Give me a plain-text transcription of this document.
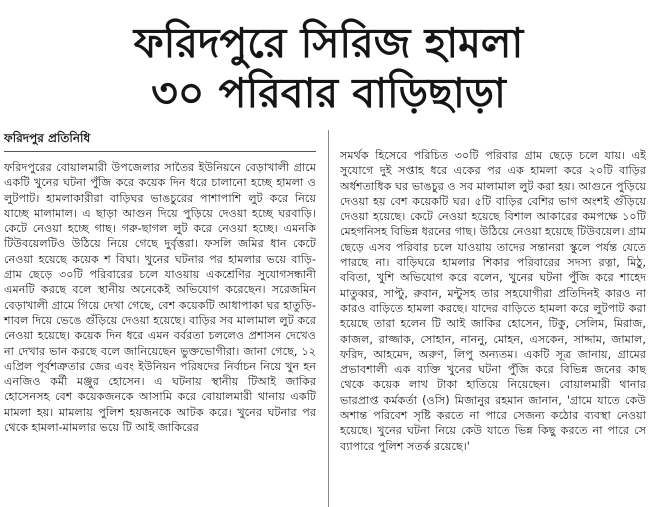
ফরিদপুরে সিরিজ হামলা
৩০ পরিবার বাড়িছাড়া
ফরিদপুর প্রতিনিধি

ফরিদপুরের বোয়ালমারী উপজেলার সাতৈর ইউনিয়নে বেড়াখালী গ্রামে একটি খুনের ঘটনা পুঁজি করে কয়েক দিন ধরে চালানো হচ্ছে হামলা ও লুটপাট। হামলাকারীরা বাড়িঘর ভাঙচুরের পাশাপাশি লুট করে নিয়ে যাচ্ছে মালামাল। এ ছাড়া আগুন দিয়ে পুড়িয়ে দেওয়া হচ্ছে ঘরবাড়ি। কেটে নেওয়া হচ্ছে গাছ। গরু-ছাগল লুট করে নেওয়া হচ্ছে। এমনকি টিউবয়েলটিও উঠিয়ে নিয়ে গেছে দুর্বৃত্তরা। ফসলি জমির ধান কেটে নেওয়া হয়েছে কয়েক শ বিঘা। খুনের ঘটনার পর হামলার ভয়ে বাড়ি-গ্রাম ছেড়ে ৩০টি পরিবারের চলে যাওয়ায় একশ্রেণির সুযোগসন্ধানী এমনটি করছে বলে স্থানীয় অনেকেই অভিযোগ করেছেন। সরেজমিন বেড়াখালী গ্রামে গিয়ে দেখা গেছে, বেশ কয়েকটি আধাপাকা ঘর হাতুড়ি-শাবল দিয়ে ভেঙে গুঁড়িয়ে দেওয়া হয়েছে। বাড়ির সব মালামাল লুট করে নেওয়া হয়েছে। কয়েক দিন ধরে এমন বর্বরতা চললেও প্রশাসন দেখেও না দেখার ভান করছে বলে জানিয়েছেন ভুক্তভোগীরা। জানা গেছে, ১২ এপ্রিল পূর্বশত্রুতার জের এবং ইউনিয়ন পরিষদের নির্বাচন নিয়ে খুন হন এনজিও কর্মী মঞ্জুর হোসেন। এ ঘটনায় স্থানীয় টিআই জাকির হোসেনসহ বেশ কয়েকজনকে আসামি করে বোয়ালমারী থানায় একটি মামলা হয়। মামলায় পুলিশ হয়জনকে আটক করে। খুনের ঘটনার পর থেকে হামলা-মামলার ভয়ে টি আই জাকিরের

সমর্থক হিসেবে পরিচিত ৩০টি পরিবার গ্রাম ছেড়ে চলে যায়। এই সুযোগে দুই সপ্তাহ ধরে একের পর এক হামলা করে ২০টি বাড়ির অর্ধশতাধিক ঘর ভাঙচুর ও সব মালামাল লুট করা হয়। আগুনে পুড়িয়ে দেওয়া হয় বেশ কয়েকটি ঘর। ৫টি বাড়ির বেশির ভাগ অংশই গুঁড়িয়ে দেওয়া হয়েছে। কেটে নেওয়া হয়েছে বিশাল আকারের কমপক্ষে ১০টি মেহগনিসহ বিভিন্ন ধরনের গাছ। উঠিয়ে নেওয়া হয়েছে টিউবয়েল। গ্রাম ছেড়ে এসব পরিবার চলে যাওয়ায় তাদের সন্তানরা স্কুলে পর্যন্ত যেতে পারছে না। বাড়িঘরে হামলার শিকার পরিবারের সদস্য রত্না, মিঠু, ববিতা, খুশি অভিযোগ করে বলেন, খুনের ঘটনা পুঁজি করে শাহেদ মাতুব্বর, সাপ্টু, রুবান, মন্টুসহ তার সহযোগীরা প্রতিদিনই কারও না কারও বাড়িতে হামলা করছে। যাদের বাড়িতে হামলা করে লুটপাট করা হয়েছে তারা হলেন টি আই জাকির হোসেন, টিকু, সেলিম, মিরাজ, কাজল, রাজ্জাক, সোহান, নাননু, মোহন, এসকেন, সাদ্দাম, জামাল, ফরিদ, আহমেদ, অরুণ, লিপু অন্যতম। একটি সূত্র জানায়, গ্রামের প্রভাবশালী এক ব্যক্তি খুনের ঘটনা পুঁজি করে বিভিন্ন জনের কাছ থেকে কয়েক লাখ টাকা হাতিয়ে নিয়েছেন। বোয়ালমারী থানার ভারপ্রাপ্ত কর্মকর্তা (ওসি) মিজানুর রহমান জানান, 'গ্রামে যাতে কেউ অশান্ত পরিবেশ সৃষ্টি করতে না পারে সেজন্য কঠোর ব্যবস্থা নেওয়া হয়েছে। খুনের ঘটনা নিয়ে কেউ যাতে ভিন্ন কিছু করতে না পারে সে ব্যাপারে পুলিশ সতর্ক রয়েছে।'
